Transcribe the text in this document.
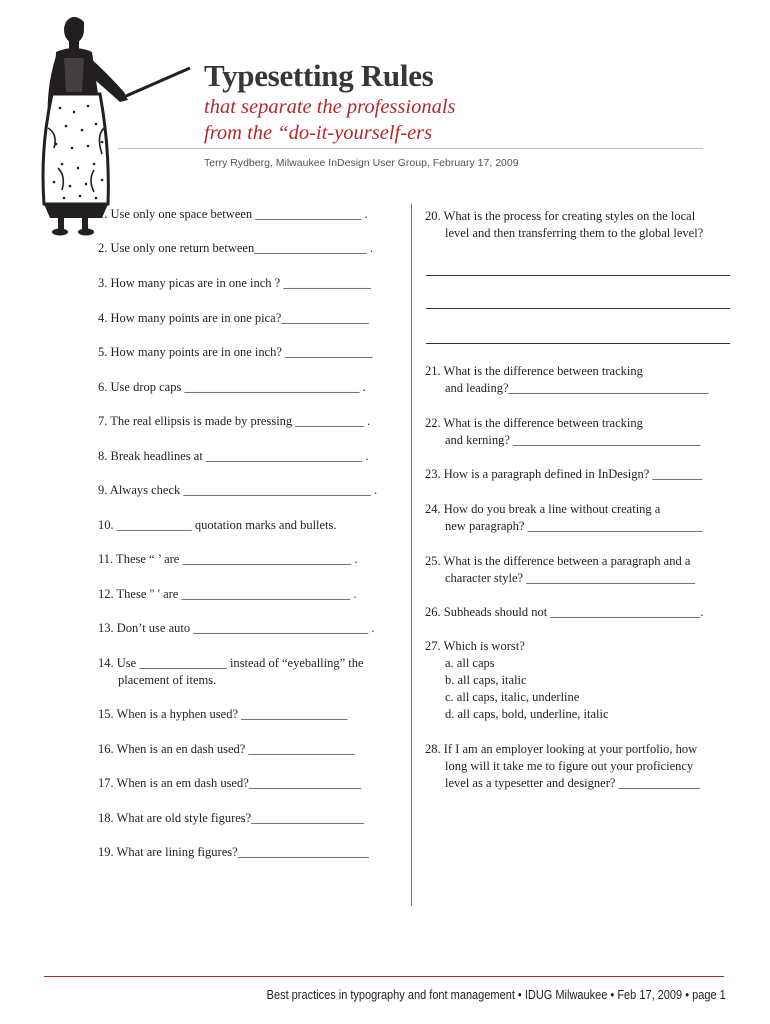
Typesetting Rules
that separate the professionals
from the “do-it-yourself-ers
Terry Rydberg, Milwaukee InDesign User Group, February 17, 2009
1. Use only one space between _________________ .
2. Use only one return between__________________ .
3. How many picas are in one inch ? ______________
4. How many points are in one pica?______________
5. How many points are in one inch? ______________
6. Use drop caps ____________________________ .
7. The real ellipsis is made by pressing ___________ .
8. Break headlines at _________________________ .
9. Always check ______________________________ .
10. ____________ quotation marks and bullets.
11. These “ ’ are ___________________________ .
12. These " ' are ___________________________ .
13. Don’t use auto ____________________________ .
14. Use ______________ instead of “eyeballing” the
placement of items.
15. When is a hyphen used? _________________
16. When is an en dash used? _________________
17. When is an em dash used?__________________
18. What are old style figures?__________________
19. What are lining figures?_____________________
20. What is the process for creating styles on the local
level and then transferring them to the global level?
21. What is the difference between tracking
and leading?________________________________
22. What is the difference between tracking
and kerning? ______________________________
23. How is a paragraph defined in InDesign? ________
24. How do you break a line without creating a
new paragraph? ____________________________
25. What is the difference between a paragraph and a
character style? ___________________________
26. Subheads should not ________________________.
27. Which is worst?
a. all caps
b. all caps, italic
c. all caps, italic, underline
d. all caps, bold, underline, italic
28. If I am an employer looking at your portfolio, how
long will it take me to figure out your proficiency
level as a typesetter and designer? _____________
Best practices in typography and font management • IDUG Milwaukee • Feb 17, 2009 • page 1
